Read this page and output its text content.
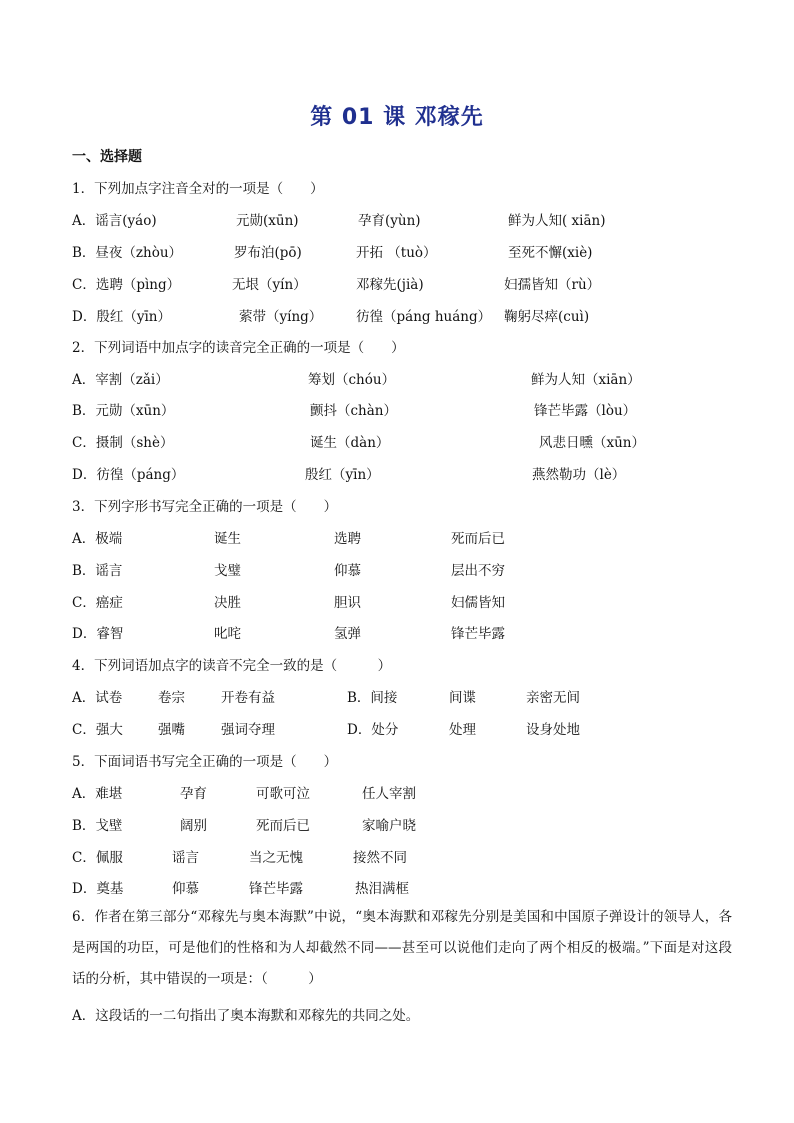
第 01 课 邓稼先
一、选择题
1．下列加点字注音全对的一项是（　　）
A．谣言(yáo)	元勋(xūn)	孕育(yùn)	鲜为人知( xiān)
B．昼夜（zhòu）	罗布泊(pō)	开拓 （tuò）	至死不懈(xiè)
C．选聘（pìng）	无垠（yín）	邓稼先(jià)	妇孺皆知（rù）
D．殷红（yīn）	萦带（yíng） 彷徨（páng huáng） 鞠躬尽瘁(cuì)
2．下列词语中加点字的读音完全正确的一项是（　　）
A．宰割（zǎi）	筹划（chóu）	鲜为人知（xiān）
B．元勋（xūn）	颤抖（chàn）	锋芒毕露（lòu）
C．摄制（shè）	诞生（dàn）	风悲日曛（xūn）
D．彷徨（páng）	殷红（yīn）	燕然勒功（lè）
3．下列字形书写完全正确的一项是（　　）
A．极端	诞生	选聘	死而后已
B．谣言	戈璧	仰慕	层出不穷
C．癌症	决胜	胆识	妇儒皆知
D．睿智	叱咤	氢弹	锋芒毕露
4．下列词语加点字的读音不完全一致的是（　　　）
A．试卷	卷宗	开卷有益	B．间接	间谍	亲密无间
C．强大	强嘴	强词夺理	D．处分	处理	设身处地
5．下面词语书写完全正确的一项是（　　）
A．难堪	孕育	可歌可泣	任人宰割
B．戈壁	阔别	死而后已	家喻户晓
C．佩服	谣言	当之无愧	接然不同
D．奠基	仰慕	锋芒毕露	热泪满框
6．作者在第三部分“邓稼先与奥本海默”中说，“奥本海默和邓稼先分别是美国和中国原子弹设计的领导人，各是两国的功臣，可是他们的性格和为人却截然不同——甚至可以说他们走向了两个相反的极端。”下面是对这段话的分析，其中错误的一项是：（　　　）
A．这段话的一二句指出了奥本海默和邓稼先的共同之处。
